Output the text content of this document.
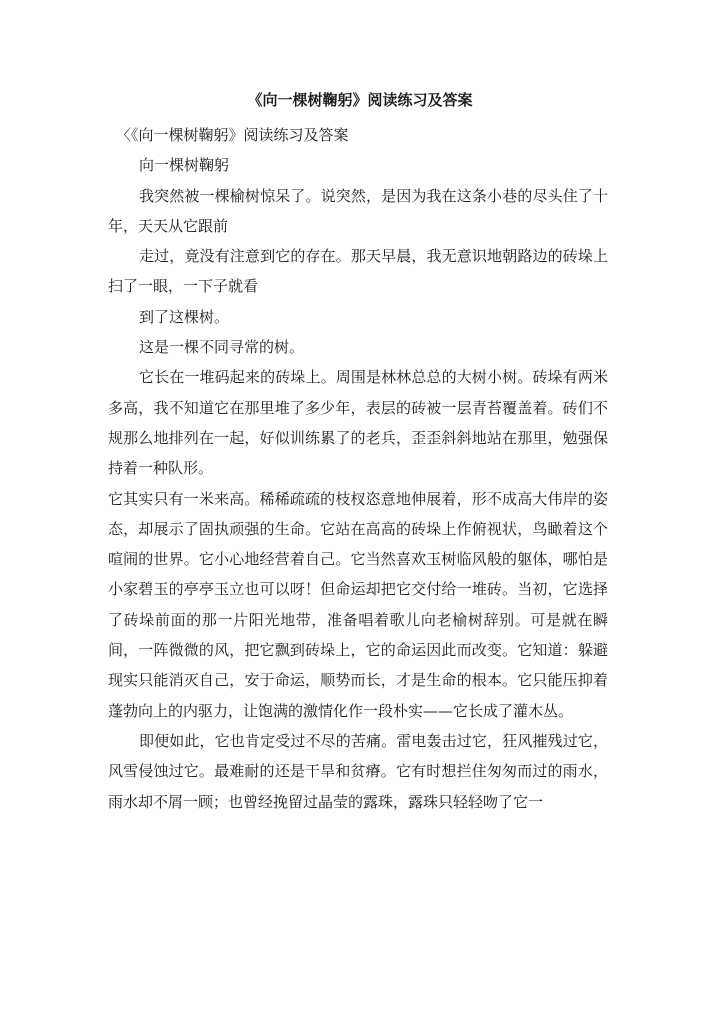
《向一棵树鞠躬》阅读练习及答案

〈《向一棵树鞠躬》阅读练习及答案

向一棵树鞠躬

我突然被一棵榆树惊呆了。说突然，是因为我在这条小巷的尽头住了十年，天天从它跟前

走过，竟没有注意到它的存在。那天早晨，我无意识地朝路边的砖垛上扫了一眼，一下子就看

到了这棵树。

这是一棵不同寻常的树。

它长在一堆码起来的砖垛上。周围是林林总总的大树小树。砖垛有两米多高，我不知道它在那里堆了多少年，表层的砖被一层青苔覆盖着。砖们不规那么地排列在一起，好似训练累了的老兵，歪歪斜斜地站在那里，勉强保持着一种队形。

它其实只有一米来高。稀稀疏疏的枝杈恣意地伸展着，形不成高大伟岸的姿态，却展示了固执顽强的生命。它站在高高的砖垛上作俯视状，鸟瞰着这个喧闹的世界。它小心地经营着自己。它当然喜欢玉树临风般的躯体，哪怕是小家碧玉的亭亭玉立也可以呀！但命运却把它交付给一堆砖。当初，它选择了砖垛前面的那一片阳光地带，准备唱着歌儿向老榆树辞别。可是就在瞬间，一阵微微的风，把它飘到砖垛上，它的命运因此而改变。它知道：躲避现实只能消灭自己，安于命运，顺势而长，才是生命的根本。它只能压抑着蓬勃向上的内驱力，让饱满的激情化作一段朴实——它长成了灌木丛。

即便如此，它也肯定受过不尽的苦痛。雷电轰击过它，狂风摧残过它，风雪侵蚀过它。最难耐的还是干旱和贫瘠。它有时想拦住匆匆而过的雨水，雨水却不屑一顾；也曾经挽留过晶莹的露珠，露珠只轻轻吻了它一
